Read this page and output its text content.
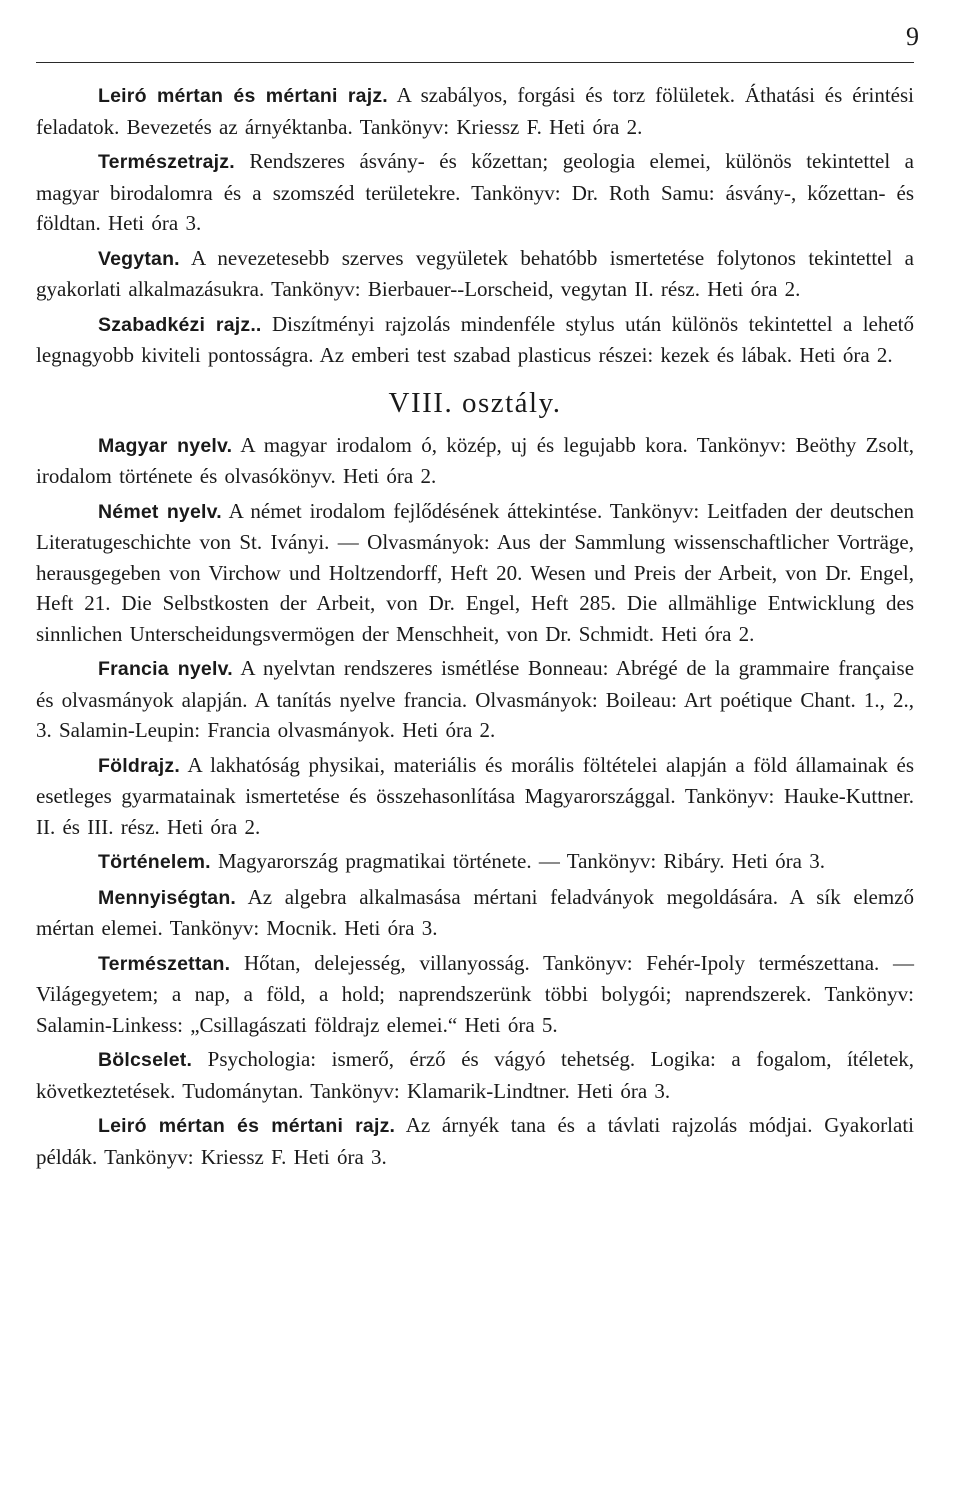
9

Leiró mértan és mértani rajz. A szabályos, forgási és torz fölületek. Áthatási és érintési feladatok. Bevezetés az árnyéktanba. Tankönyv: Kriessz F. Heti óra 2.

Természetrajz. Rendszeres ásvány- és kőzettan; geologia elemei, különös tekintettel a magyar birodalomra és a szomszéd területekre. Tankönyv: Dr. Roth Samu: ásvány-, kőzettan- és földtan. Heti óra 3.

Vegytan. A nevezetesebb szerves vegyületek behatóbb ismertetése folytonos tekintettel a gyakorlati alkalmazásukra. Tankönyv: Bierbauer--Lorscheid, vegytan II. rész. Heti óra 2.

Szabadkézi rajz.. Diszítményi rajzolás mindenféle stylus után különös tekintettel a lehető legnagyobb kiviteli pontosságra. Az emberi test szabad plasticus részei: kezek és lábak. Heti óra 2.

VIII. osztály.

Magyar nyelv. A magyar irodalom ó, közép, uj és legujabb kora. Tankönyv: Beöthy Zsolt, irodalom története és olvasókönyv. Heti óra 2.

Német nyelv. A német irodalom fejlődésének áttekintése. Tankönyv: Leitfaden der deutschen Literatugeschichte von St. Iványi. — Olvasmányok: Aus der Sammlung wissenschaftlicher Vorträge, herausgegeben von Virchow und Holtzendorff, Heft 20. Wesen und Preis der Arbeit, von Dr. Engel, Heft 21. Die Selbstkosten der Arbeit, von Dr. Engel, Heft 285. Die allmählige Entwicklung des sinnlichen Unterscheidungsvermögen der Menschheit, von Dr. Schmidt. Heti óra 2.

Francia nyelv. A nyelvtan rendszeres ismétlése Bonneau: Abrégé de la grammaire française és olvasmányok alapján. A tanítás nyelve francia. Olvasmányok: Boileau: Art poétique Chant. 1., 2., 3. Salamin-Leupin: Francia olvasmányok. Heti óra 2.

Földrajz. A lakhatóság physikai, materiális és morális föltételei alapján a föld államainak és esetleges gyarmatainak ismertetése és összehasonlítása Magyarországgal. Tankönyv: Hauke-Kuttner. II. és III. rész. Heti óra 2.

Történelem. Magyarország pragmatikai története. — Tankönyv: Ribáry. Heti óra 3.

Mennyiségtan. Az algebra alkalmasása mértani feladványok megoldására. A sík elemző mértan elemei. Tankönyv: Mocnik. Heti óra 3.

Természettan. Hőtan, delejesség, villanyosság. Tankönyv: Fehér-Ipoly természettana. — Világegyetem; a nap, a föld, a hold; naprendszerünk többi bolygói; naprendszerek. Tankönyv: Salamin-Linkess: „Csillagászati földrajz elemei.“ Heti óra 5.

Bölcselet. Psychologia: ismerő, érző és vágyó tehetség. Logika: a fogalom, ítéletek, következtetések. Tudománytan. Tankönyv: Klamarik-Lindtner. Heti óra 3.

Leiró mértan és mértani rajz. Az árnyék tana és a távlati rajzolás módjai. Gyakorlati példák. Tankönyv: Kriessz F. Heti óra 3.
